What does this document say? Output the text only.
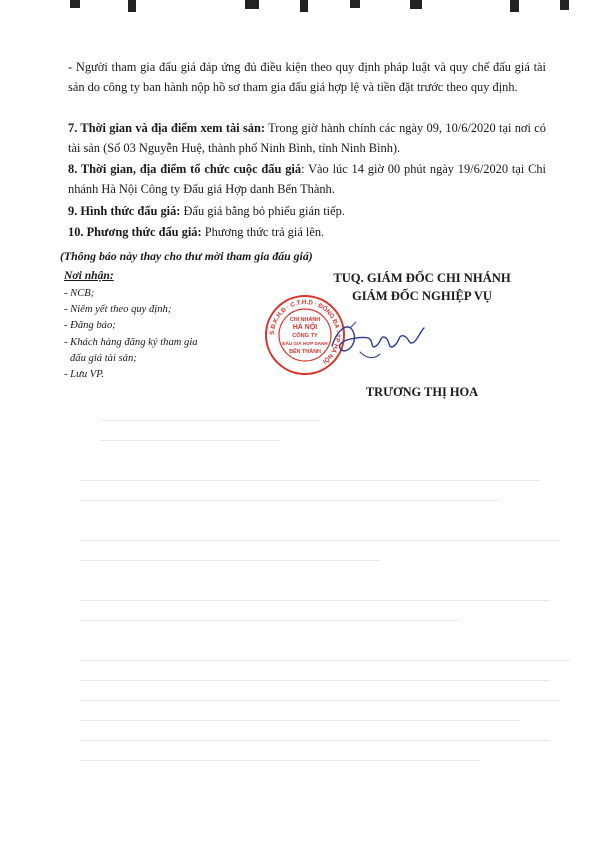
- Người tham gia đấu giá đáp ứng đủ điều kiện theo quy định pháp luật và quy chế đấu giá tài sản do công ty ban hành nộp hồ sơ tham gia đấu giá hợp lệ và tiền đặt trước theo quy định.
7. Thời gian và địa điểm xem tài sản: Trong giờ hành chính các ngày 09, 10/6/2020 tại nơi có tài sản (Số 03 Nguyễn Huệ, thành phố Ninh Bình, tỉnh Ninh Bình).
8. Thời gian, địa điểm tổ chức cuộc đấu giá: Vào lúc 14 giờ 00 phút ngày 19/6/2020 tại Chi nhánh Hà Nội Công ty Đấu giá Hợp danh Bến Thành.
9. Hình thức đấu giá: Đấu giá bằng bỏ phiếu gián tiếp.
10. Phương thức đấu giá: Phương thức trả giá lên.
(Thông báo này thay cho thư mời tham gia đấu giá)
Nơi nhận:
- NCB;
- Niêm yết theo quy định;
- Đăng báo;
- Khách hàng đăng ký tham gia
đấu giá tài sản;
- Lưu VP.
TUQ. GIÁM ĐỐC CHI NHÁNH
GIÁM ĐỐC NGHIỆP VỤ
S.Đ.K.H.Đ · C.T.H.D · ĐỐNG ĐA - TP HÀ NỘI
CHI NHÁNH
HÀ NỘI
CÔNG TY
ĐẤU GIÁ HỢP DANH
BẾN THÀNH
TRƯƠNG THỊ HOA
